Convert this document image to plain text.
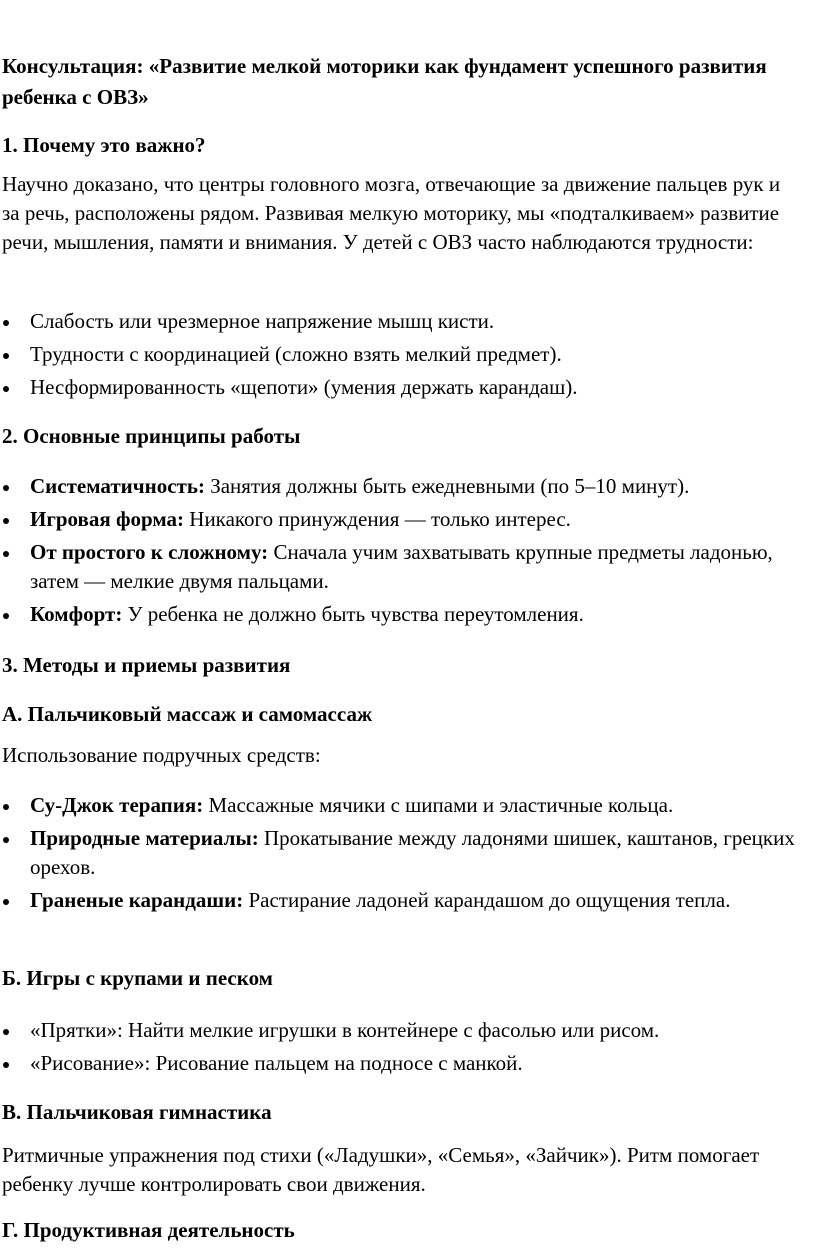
Консультация: «Развитие мелкой моторики как фундамент успешного развития ребенка с ОВЗ»

1. Почему это важно?

Научно доказано, что центры головного мозга, отвечающие за движение пальцев рук и за речь, расположены рядом. Развивая мелкую моторику, мы «подталкиваем» развитие речи, мышления, памяти и внимания. У детей с ОВЗ часто наблюдаются трудности:

Слабость или чрезмерное напряжение мышц кисти.
Трудности с координацией (сложно взять мелкий предмет).
Несформированность «щепоти» (умения держать карандаш).

2. Основные принципы работы

Систематичность: Занятия должны быть ежедневными (по 5–10 минут).
Игровая форма: Никакого принуждения — только интерес.
От простого к сложному: Сначала учим захватывать крупные предметы ладонью, затем — мелкие двумя пальцами.
Комфорт: У ребенка не должно быть чувства переутомления.

3. Методы и приемы развития

А. Пальчиковый массаж и самомассаж

Использование подручных средств:

Су-Джок терапия: Массажные мячики с шипами и эластичные кольца.
Природные материалы: Прокатывание между ладонями шишек, каштанов, грецких орехов.
Граненые карандаши: Растирание ладоней карандашом до ощущения тепла.

Б. Игры с крупами и песком

«Прятки»: Найти мелкие игрушки в контейнере с фасолью или рисом.
«Рисование»: Рисование пальцем на подносе с манкой.

В. Пальчиковая гимнастика

Ритмичные упражнения под стихи («Ладушки», «Семья», «Зайчик»). Ритм помогает ребенку лучше контролировать свои движения.

Г. Продуктивная деятельность
